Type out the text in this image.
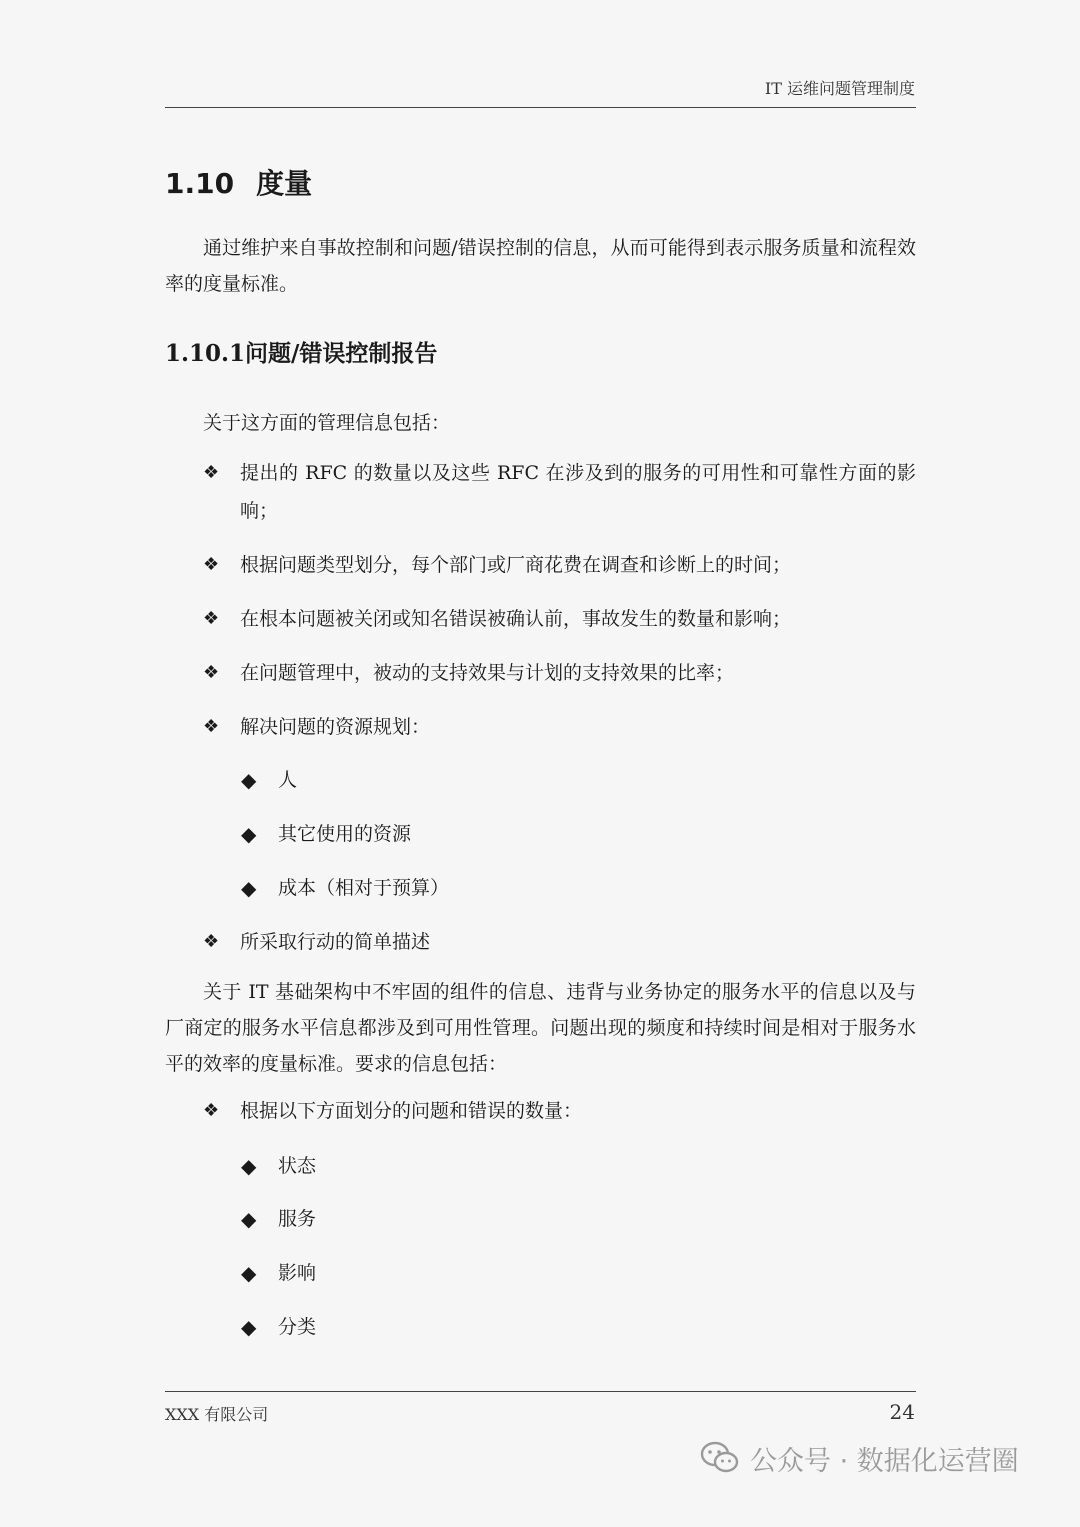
IT 运维问题管理制度
1.10 度量
通过维护来自事故控制和问题/错误控制的信息，从而可能得到表示服务质量和流程效率的度量标准。
1.10.1问题/错误控制报告
关于这方面的管理信息包括：
❖	提出的 RFC 的数量以及这些 RFC 在涉及到的服务的可用性和可靠性方面的影响；
❖	根据问题类型划分，每个部门或厂商花费在调查和诊断上的时间；
❖	在根本问题被关闭或知名错误被确认前，事故发生的数量和影响；
❖	在问题管理中，被动的支持效果与计划的支持效果的比率；
❖	解决问题的资源规划：
◆	人
◆	其它使用的资源
◆	成本（相对于预算）
❖	所采取行动的简单描述
关于 IT 基础架构中不牢固的组件的信息、违背与业务协定的服务水平的信息以及与厂商定的服务水平信息都涉及到可用性管理。问题出现的频度和持续时间是相对于服务水平的效率的度量标准。要求的信息包括：
❖	根据以下方面划分的问题和错误的数量：
◆	状态
◆	服务
◆	影响
◆	分类
XXX 有限公司	24
公众号 · 数据化运营圈
